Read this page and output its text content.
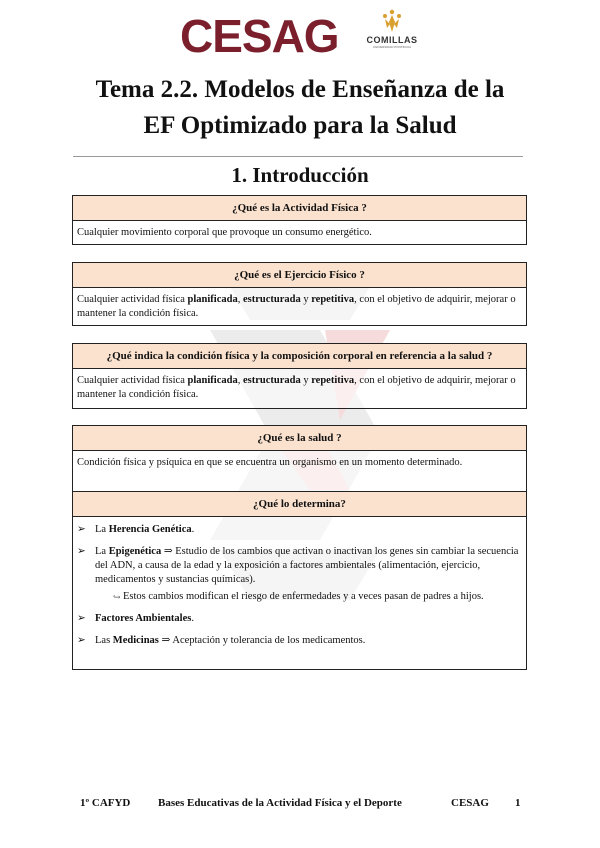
CESAG	COMILLAS
UNIVERSIDAD PONTIFICIA
Tema 2.2. Modelos de Enseñanza de la
EF Optimizado para la Salud
1. Introducción
¿Qué es la Actividad Física ?
Cualquier movimiento corporal que provoque un consumo energético.
¿Qué es el Ejercicio Físico ?
Cualquier actividad física planificada, estructurada y repetitiva, con el objetivo de adquirir, mejorar o mantener la condición física.
¿Qué indica la condición física y la composición corporal en referencia a la salud ?
Cualquier actividad física planificada, estructurada y repetitiva, con el objetivo de adquirir, mejorar o mantener la condición física.
¿Qué es la salud ?
Condición física y psíquica en que se encuentra un organismo en un momento determinado.
¿Qué lo determina?
➢ La Herencia Genética.
➢ La Epigenética ⇒ Estudio de los cambios que activan o inactivan los genes sin cambiar la secuencia del ADN, a causa de la edad y la exposición a factores ambientales (alimentación, ejercicio, medicamentos y sustancias químicas).
↪ Estos cambios modifican el riesgo de enfermedades y a veces pasan de padres a hijos.
➢ Factores Ambientales.
➢ Las Medicinas ⇒ Aceptación y tolerancia de los medicamentos.
1º CAFYD	Bases Educativas de la Actividad Física y el Deporte	CESAG 1
